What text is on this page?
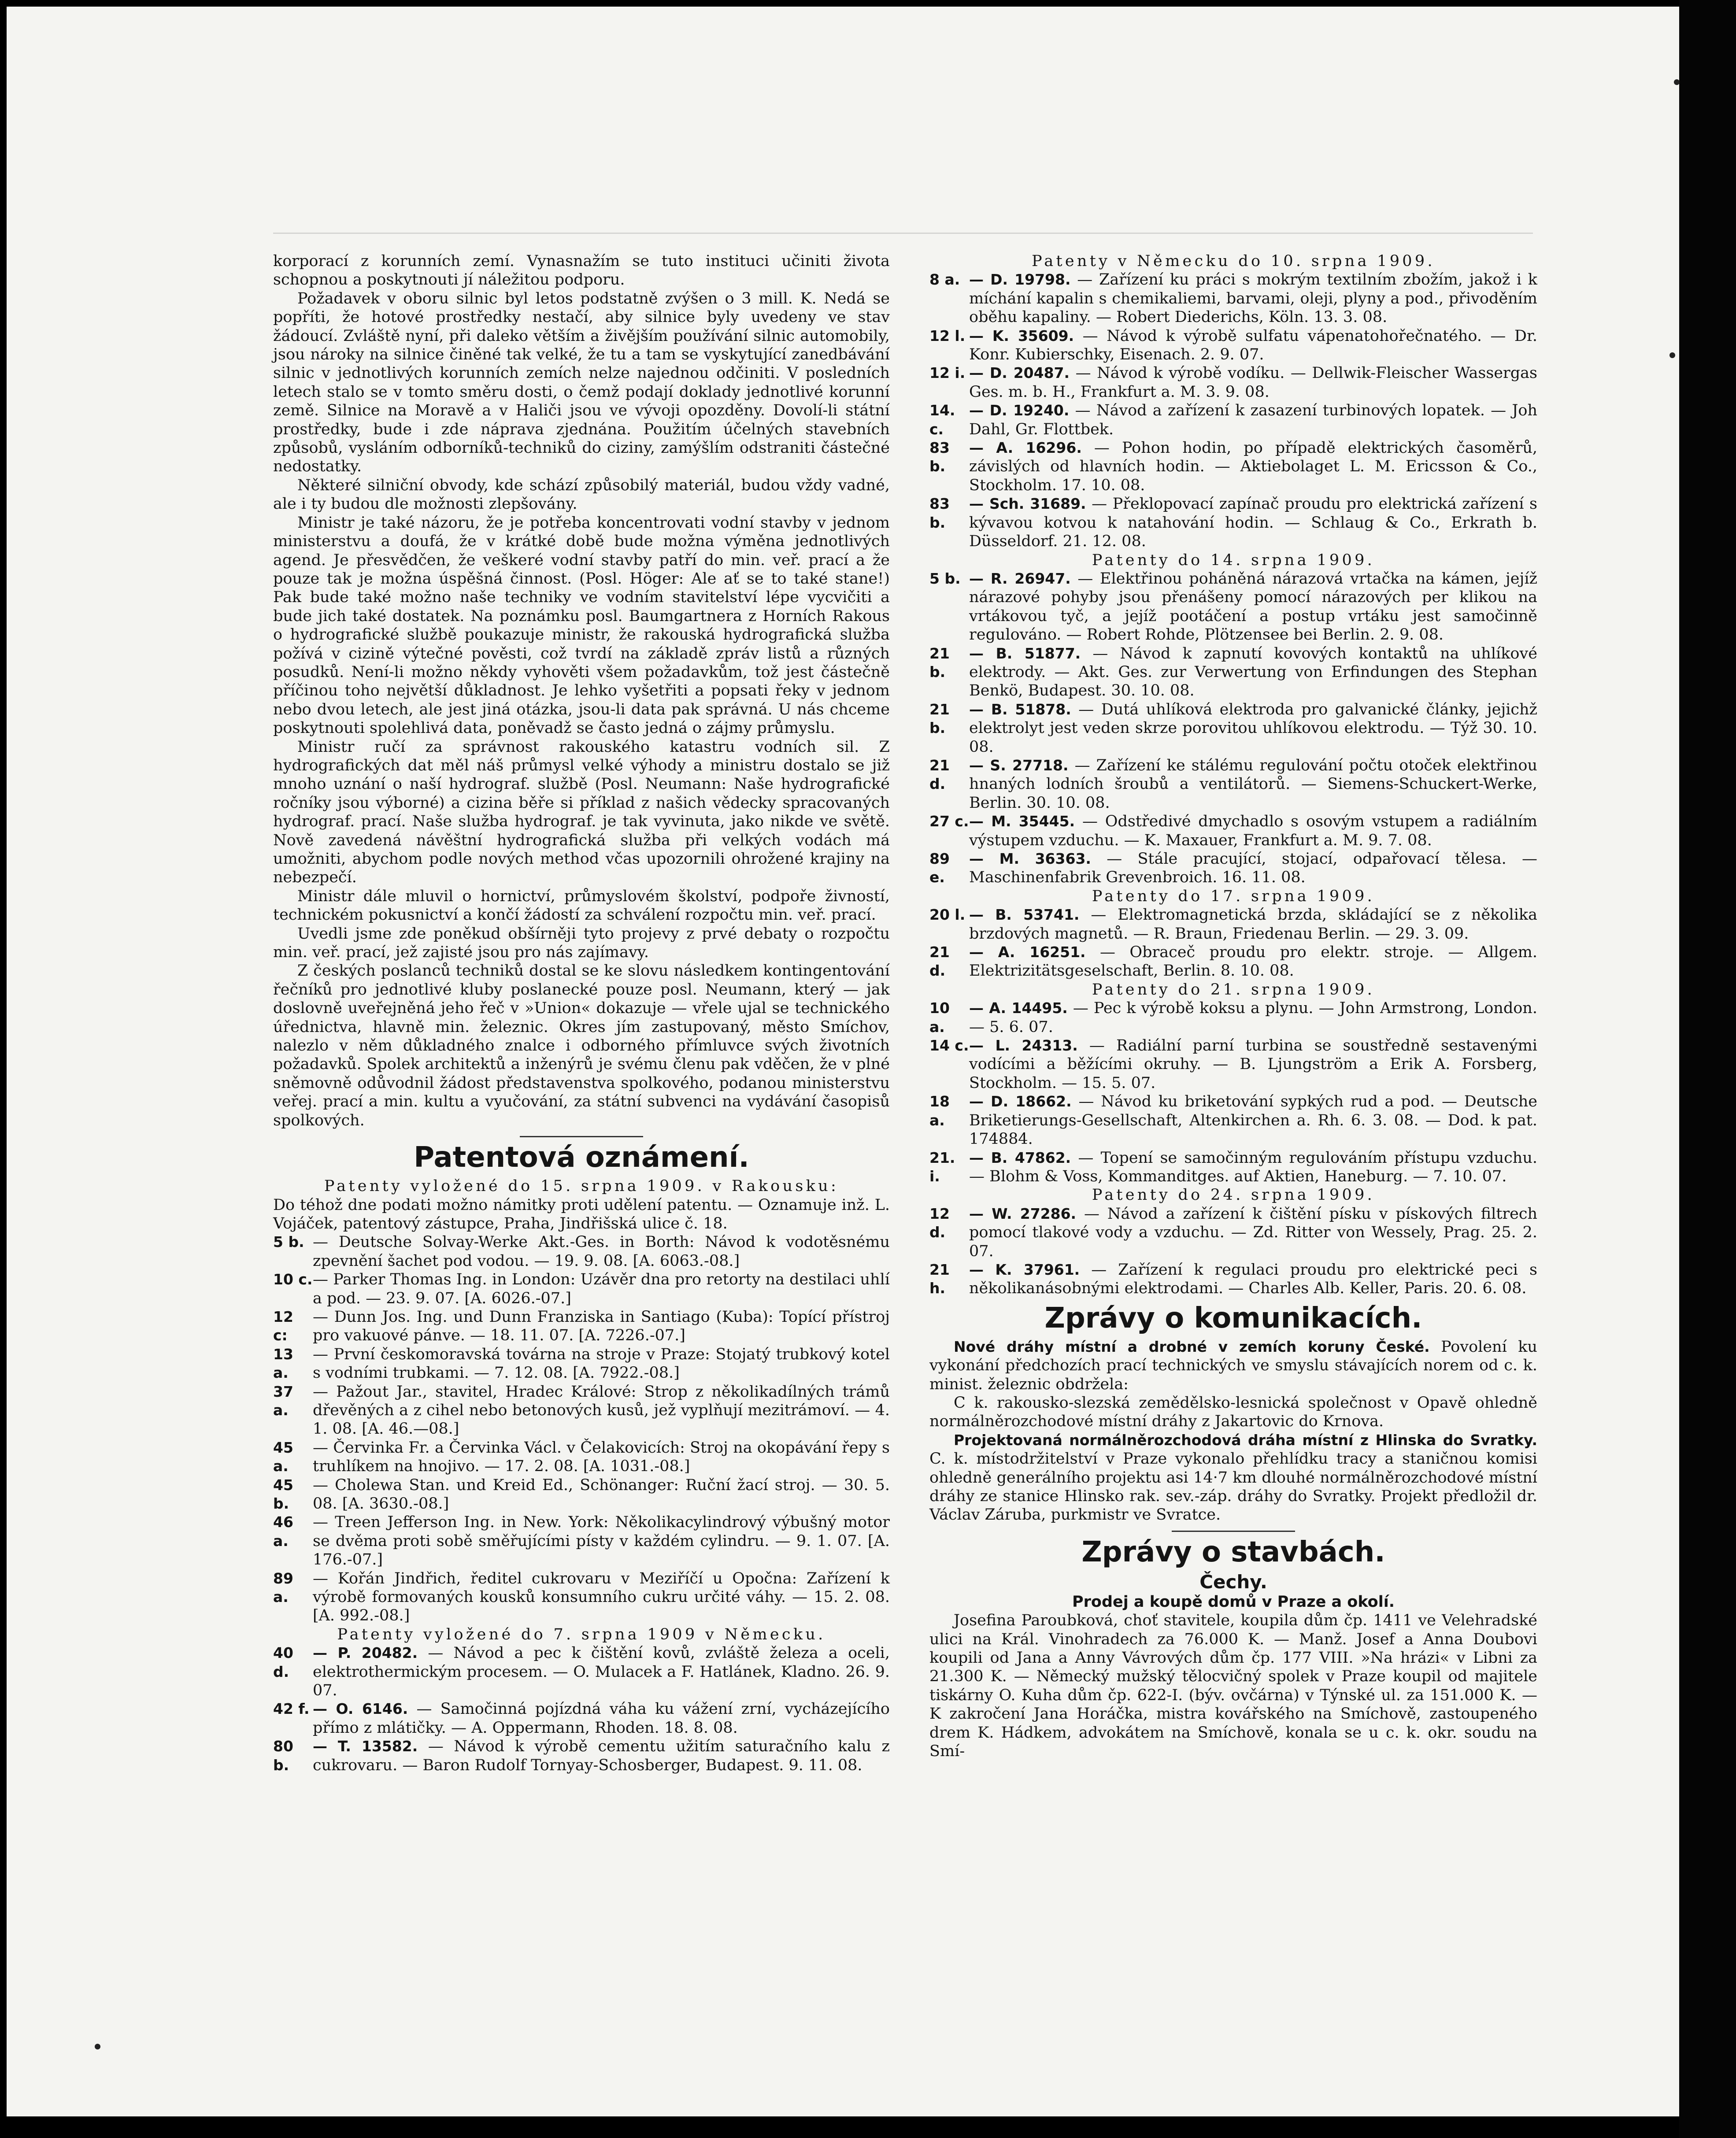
korporací z korunních zemí. Vynasnažím se tuto instituci učiniti života schopnou a poskytnouti jí náležitou podporu.

Požadavek v oboru silnic byl letos podstatně zvýšen o 3 mill. K. Nedá se popříti, že hotové prostředky nestačí, aby silnice byly uvedeny ve stav žádoucí. Zvláště nyní, při daleko větším a živějším používání silnic automobily, jsou nároky na silnice činěné tak velké, že tu a tam se vyskytující zanedbávání silnic v jednotlivých korunních zemích nelze najednou odčiniti. V posledních letech stalo se v tomto směru dosti, o čemž podají doklady jednotlivé korunní země. Silnice na Moravě a v Haliči jsou ve vývoji opozděny. Dovolí-li státní prostředky, bude i zde náprava zjednána. Použitím účelných stavebních způsobů, vysláním odborníků-techniků do ciziny, zamýšlím odstraniti částečné nedostatky.

Některé silniční obvody, kde schází způsobilý materiál, budou vždy vadné, ale i ty budou dle možnosti zlepšovány.

Ministr je také názoru, že je potřeba koncentrovati vodní stavby v jednom ministerstvu a doufá, že v krátké době bude možna výměna jednotlivých agend. Je přesvědčen, že veškeré vodní stavby patří do min. veř. prací a že pouze tak je možna úspěšná činnost. (Posl. Höger: Ale ať se to také stane!) Pak bude také možno naše techniky ve vodním stavitelství lépe vycvičiti a bude jich také dostatek. Na poznámku posl. Baumgartnera z Horních Rakous o hydrografické službě poukazuje ministr, že rakouská hydrografická služba požívá v cizině výtečné pověsti, což tvrdí na základě zpráv listů a různých posudků. Není-li možno někdy vyhověti všem požadavkům, tož jest částečně příčinou toho největší důkladnost. Je lehko vyšetřiti a popsati řeky v jednom nebo dvou letech, ale jest jiná otázka, jsou-li data pak správná. U nás chceme poskytnouti spolehlivá data, poněvadž se často jedná o zájmy průmyslu.

Ministr ručí za správnost rakouského katastru vodních sil. Z hydrografických dat měl náš průmysl velké výhody a ministru dostalo se již mnoho uznání o naší hydrograf. službě (Posl. Neumann: Naše hydrografické ročníky jsou výborné) a cizina běře si příklad z našich vědecky spracovaných hydrograf. prací. Naše služba hydrograf. je tak vyvinuta, jako nikde ve světě. Nově zavedená návěštní hydrografická služba při velkých vodách má umožniti, abychom podle nových method včas upozornili ohrožené krajiny na nebezpečí.

Ministr dále mluvil o hornictví, průmyslovém školství, podpoře živností, technickém pokusnictví a končí žádostí za schválení rozpočtu min. veř. prací.

Uvedli jsme zde poněkud obšírněji tyto projevy z prvé debaty o rozpočtu min. veř. prací, jež zajisté jsou pro nás zajímavy.

Z českých poslanců techniků dostal se ke slovu následkem kontingentování řečníků pro jednotlivé kluby poslanecké pouze posl. Neumann, který — jak doslovně uveřejněná jeho řeč v »Union« dokazuje — vřele ujal se technického úřednictva, hlavně min. železnic. Okres jím zastupovaný, město Smíchov, nalezlo v něm důkladného znalce i odborného přímluvce svých životních požadavků. Spolek architektů a inženýrů je svému členu pak vděčen, že v plné sněmovně odůvodnil žádost představenstva spolkového, podanou ministerstvu veřej. prací a min. kultu a vyučování, za státní subvenci na vydávání časopisů spolkových.

Patentová oznámení.

Patenty vyložené do 15. srpna 1909. v Rakousku:

Do téhož dne podati možno námitky proti udělení patentu. — Oznamuje inž. L. Vojáček, patentový zástupce, Praha, Jindřišská ulice č. 18.

5 b. — Deutsche Solvay-Werke Akt.-Ges. in Borth: Návod k vodotěsnému zpevnění šachet pod vodou. — 19. 9. 08. [A. 6063.-08.]
10 c. — Parker Thomas Ing. in London: Uzávěr dna pro retorty na destilaci uhlí a pod. — 23. 9. 07. [A. 6026.-07.]
12 c:
— Dunn Jos. Ing. und Dunn Franziska in Santiago (Kuba): Topící přístroj pro vakuové pánve. — 18. 11. 07. [A. 7226.-07.]
13 a.
— První českomoravská továrna na stroje v Praze: Stojatý trubkový kotel s vodními trubkami. — 7. 12. 08. [A. 7922.-08.]
37 a.
— Pažout Jar., stavitel, Hradec Králové: Strop z několikadílných trámů dřevěných a z cihel nebo betonových kusů, jež vyplňují mezitrámoví. — 4. 1. 08. [A. 46.—08.]
45 a.
— Červinka Fr. a Červinka Václ. v Čelakovicích: Stroj na okopávání řepy s truhlíkem na hnojivo. — 17. 2. 08. [A. 1031.-08.]
45 b.
— Cholewa Stan. und Kreid Ed., Schönanger: Ruční žací stroj. — 30. 5. 08. [A. 3630.-08.]
46 a.
— Treen Jefferson Ing. in New. York: Několikacylindrový výbušný motor se dvěma proti sobě směřujícími písty v každém cylindru. — 9. 1. 07. [A. 176.-07.]
89 a.
— Kořán Jindřich, ředitel cukrovaru v Meziříčí u Opočna: Zařízení k výrobě formovaných kousků konsumního cukru určité váhy. — 15. 2. 08. [A. 992.-08.]

Patenty vyložené do 7. srpna 1909 v Německu.

40 d.
— P. 20482. — Návod a pec k čištění kovů, zvláště železa a oceli, elektrothermickým procesem. — O. Mulacek a F. Hatlánek, Kladno. 26. 9. 07.
42 f. — O. 6146. — Samočinná pojízdná váha ku vážení zrní, vycházejícího přímo z mlátičky. — A. Oppermann, Rhoden. 18. 8. 08.
80 b.
— T. 13582. — Návod k výrobě cementu užitím saturačního kalu z cukrovaru. — Baron Rudolf Tornyay-Schosberger, Budapest. 9. 11. 08.

Patenty v Německu do 10. srpna 1909.

8 a. — D. 19798. — Zařízení ku práci s mokrým textilním zbožím, jakož i k míchání kapalin s chemikaliemi, barvami, oleji, plyny a pod., přivoděním oběhu kapaliny. — Robert Diederichs, Köln. 13. 3. 08.
12 l. — K. 35609. — Návod k výrobě sulfatu vápenatohořečnatého. — Dr. Konr. Kubierschky, Eisenach. 2. 9. 07.
12 i. — D. 20487. — Návod k výrobě vodíku. — Dellwik-Fleischer Wassergas Ges. m. b. H., Frankfurt a. M. 3. 9. 08.
14. c.
— D. 19240. — Návod a zařízení k zasazení turbinových lopatek. — Joh Dahl, Gr. Flottbek.
83 b.
— A. 16296. — Pohon hodin, po případě elektrických časoměrů, závislých od hlavních hodin. — Aktiebolaget L. M. Ericsson & Co., Stockholm. 17. 10. 08.
83 b.
— Sch. 31689. — Překlopovací zapínač proudu pro elektrická zařízení s kývavou kotvou k natahování hodin. — Schlaug & Co., Erkrath b. Düsseldorf. 21. 12. 08.

Patenty do 14. srpna 1909.

5 b. — R. 26947. — Elektřinou poháněná nárazová vrtačka na kámen, jejíž nárazové pohyby jsou přenášeny pomocí nárazových per klikou na vrtákovou tyč, a jejíž pootáčení a postup vrtáku jest samočinně regulováno. — Robert Rohde, Plötzensee bei Berlin. 2. 9. 08.
21 b.
— B. 51877. — Návod k zapnutí kovových kontaktů na uhlíkové elektrody. — Akt. Ges. zur Verwertung von Erfindungen des Stephan Benkö, Budapest. 30. 10. 08.
21 b.
— B. 51878. — Dutá uhlíková elektroda pro galvanické články, jejichž elektrolyt jest veden skrze porovitou uhlíkovou elektrodu. — Týž 30. 10. 08.
21 d.
— S. 27718. — Zařízení ke stálému regulování počtu otoček elektřinou hnaných lodních šroubů a ventilátorů. — Siemens-Schuckert-Werke, Berlin. 30. 10. 08.
27 c. — M. 35445. — Odstředivé dmychadlo s osovým vstupem a radiálním výstupem vzduchu. — K. Maxauer, Frankfurt a. M. 9. 7. 08.
89 e.
— M. 36363. — Stále pracující, stojací, odpařovací tělesa. — Maschinenfabrik Grevenbroich. 16. 11. 08.

Patenty do 17. srpna 1909.

20 l. — B. 53741. — Elektromagnetická brzda, skládající se z několika brzdových magnetů. — R. Braun, Friedenau Berlin. — 29. 3. 09.
21 d.
— A. 16251. — Obraceč proudu pro elektr. stroje. — Allgem. Elektrizitätsgeselschaft, Berlin. 8. 10. 08.

Patenty do 21. srpna 1909.

10 a.
— A. 14495. — Pec k výrobě koksu a plynu. — John Armstrong, London. — 5. 6. 07.
14 c. — L. 24313. — Radiální parní turbina se soustředně sestavenými vodícími a běžícími okruhy. — B. Ljungström a Erik A. Forsberg, Stockholm. — 15. 5. 07.
18 a.
— D. 18662. — Návod ku briketování sypkých rud a pod. — Deutsche Briketierungs-Gesellschaft, Altenkirchen a. Rh. 6. 3. 08. — Dod. k pat. 174884.
21. i.
— B. 47862. — Topení se samočinným regulováním přístupu vzduchu. — Blohm & Voss, Kommanditges. auf Aktien, Haneburg. — 7. 10. 07.

Patenty do 24. srpna 1909.

12 d.
— W. 27286. — Návod a zařízení k čištění písku v pískových filtrech pomocí tlakové vody a vzduchu. — Zd. Ritter von Wessely, Prag. 25. 2. 07.
21 h.
— K. 37961. — Zařízení k regulaci proudu pro elektrické peci s několikanásobnými elektrodami. — Charles Alb. Keller, Paris. 20. 6. 08.
Zprávy o komunikacích.

Nové dráhy místní a drobné v zemích koruny České. Povolení ku vykonání předchozích prací technických ve smyslu stávajících norem od c. k. minist. železnic obdržela:

C k. rakousko-slezská zemědělsko-lesnická společnost v Opavě ohledně normálněrozchodové místní dráhy z Jakartovic do Krnova.

Projektovaná normálněrozchodová dráha místní z Hlinska do Svratky. C. k. místodržitelství v Praze vykonalo přehlídku tracy a staničnou komisi ohledně generálního projektu asi 14·7 km dlouhé normálněrozchodové místní dráhy ze stanice Hlinsko rak. sev.-záp. dráhy do Svratky. Projekt předložil dr. Václav Záruba, purkmistr ve Svratce.

Zprávy o stavbách.
Čechy.
Prodej a koupě domů v Praze a okolí.

Josefina Paroubková, choť stavitele, koupila dům čp. 1411 ve Velehradské ulici na Král. Vinohradech za 76.000 K. — Manž. Josef a Anna Doubovi koupili od Jana a Anny Vávrových dům čp. 177 VIII. »Na hrázi« v Libni za 21.300 K. — Německý mužský tělocvičný spolek v Praze koupil od majitele tiskárny O. Kuha dům čp. 622-I. (býv. ovčárna) v Týnské ul. za 151.000 K. — K zakročení Jana Horáčka, mistra kovářského na Smíchově, zastoupeného drem K. Hádkem, advokátem na Smíchově, konala se u c. k. okr. soudu na Smí-
